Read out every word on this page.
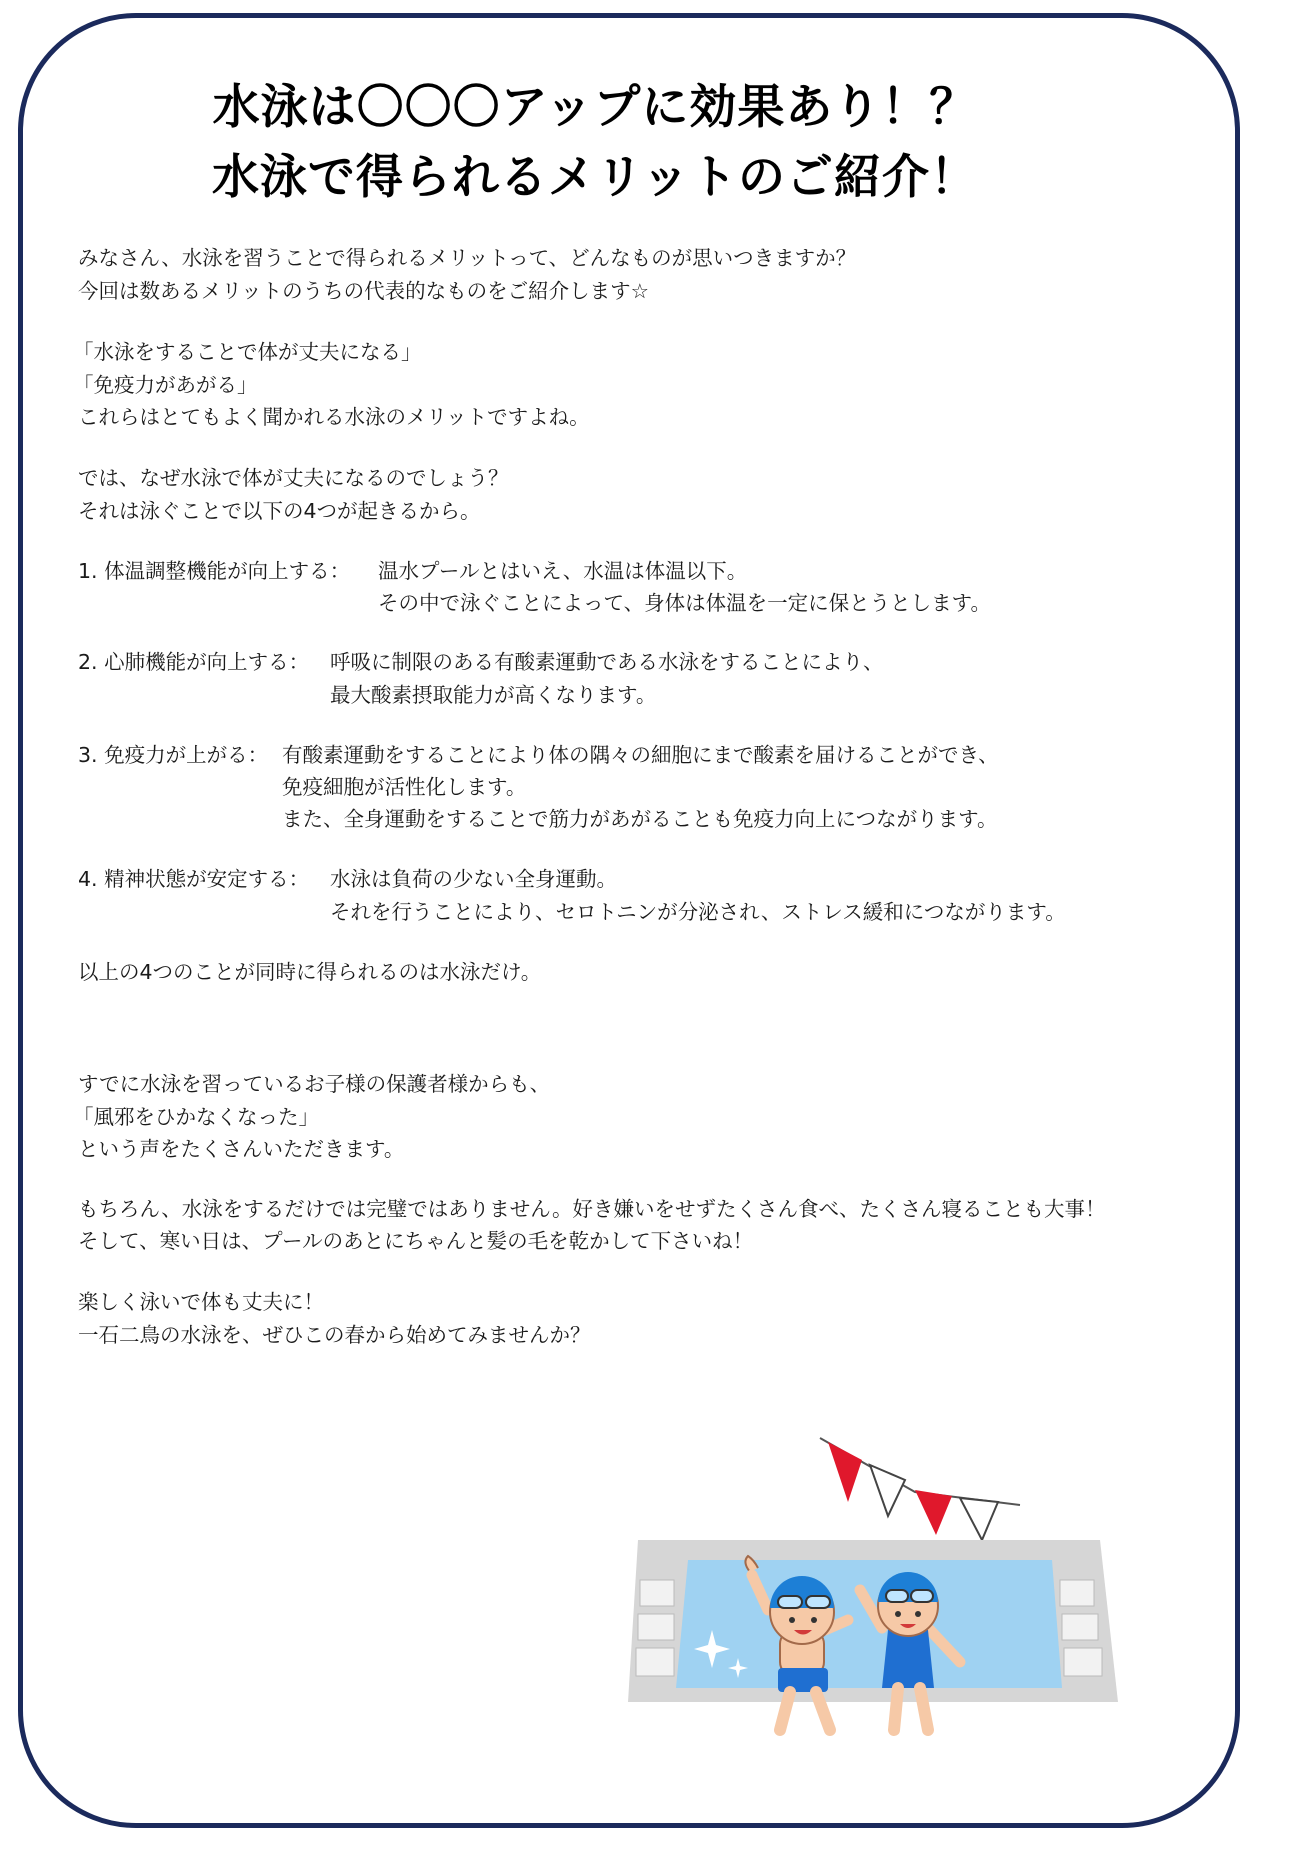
水泳は〇〇〇アップに効果あり！？
水泳で得られるメリットのご紹介！
みなさん、水泳を習うことで得られるメリットって、どんなものが思いつきますか？
今回は数あるメリットのうちの代表的なものをご紹介します☆
「水泳をすることで体が丈夫になる」
「免疫力があがる」
これらはとてもよく聞かれる水泳のメリットですよね。
では、なぜ水泳で体が丈夫になるのでしょう？
それは泳ぐことで以下の4つが起きるから。
1. 体温調整機能が向上する： 温水プールとはいえ、水温は体温以下。
その中で泳ぐことによって、身体は体温を一定に保とうとします。
2. 心肺機能が向上する： 呼吸に制限のある有酸素運動である水泳をすることにより、
最大酸素摂取能力が高くなります。
3. 免疫力が上がる： 有酸素運動をすることにより体の隅々の細胞にまで酸素を届けることができ、
免疫細胞が活性化します。
また、全身運動をすることで筋力があがることも免疫力向上につながります。
4. 精神状態が安定する： 水泳は負荷の少ない全身運動。
それを行うことにより、セロトニンが分泌され、ストレス緩和につながります。
以上の4つのことが同時に得られるのは水泳だけ。
すでに水泳を習っているお子様の保護者様からも、
「風邪をひかなくなった」
という声をたくさんいただきます。
もちろん、水泳をするだけでは完璧ではありません。好き嫌いをせずたくさん食べ、たくさん寝ることも大事！
そして、寒い日は、プールのあとにちゃんと髪の毛を乾かして下さいね！
楽しく泳いで体も丈夫に！
一石二鳥の水泳を、ぜひこの春から始めてみませんか？
